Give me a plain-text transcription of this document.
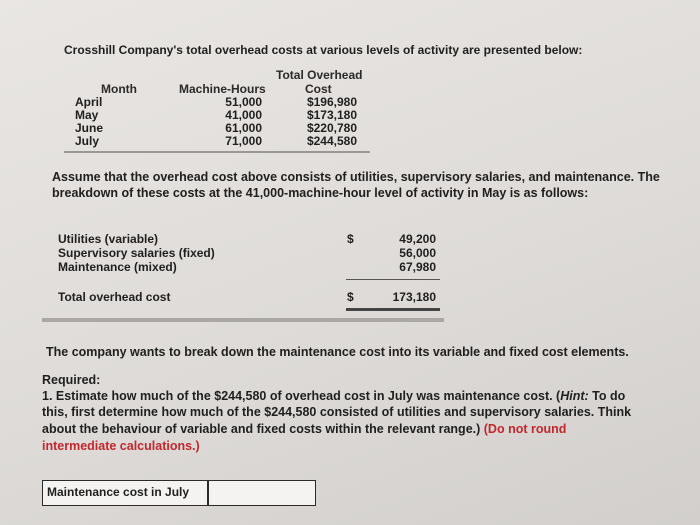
Crosshill Company's total overhead costs at various levels of activity are presented below:
Total Overhead
Month	Machine-Hours	Cost
April	51,000	$196,980
May	41,000	$173,180
June	61,000	$220,780
July	71,000	$244,580
Assume that the overhead cost above consists of utilities, supervisory salaries, and maintenance. The
breakdown of these costs at the 41,000-machine-hour level of activity in May is as follows:
Utilities (variable)	$	49,200
Supervisory salaries (fixed)	56,000
Maintenance (mixed)	67,980
Total overhead cost	$	173,180
The company wants to break down the maintenance cost into its variable and fixed cost elements.
Required:
1. Estimate how much of the $244,580 of overhead cost in July was maintenance cost. (Hint: To do
this, first determine how much of the $244,580 consisted of utilities and supervisory salaries. Think
about the behaviour of variable and fixed costs within the relevant range.) (Do not round
intermediate calculations.)
Maintenance cost in July
